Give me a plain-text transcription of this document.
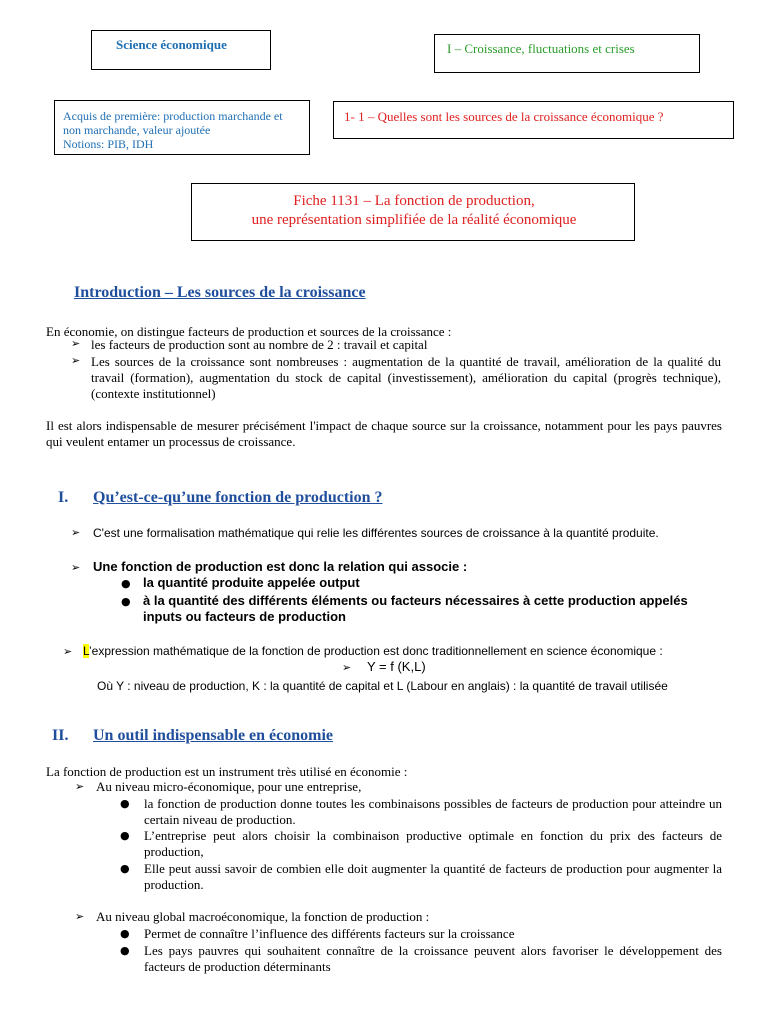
Science économique	I – Croissance, fluctuations et crises
Acquis de première: production marchande et
non marchande, valeur ajoutée
Notions: PIB, IDH
1- 1 – Quelles sont les sources de la croissance économique ?
Fiche 1131 – La fonction de production,
une représentation simplifiée de la réalité économique
Introduction – Les sources de la croissance
En économie, on distingue facteurs de production et sources de la croissance :
➢ les facteurs de production sont au nombre de 2 : travail et capital
➢ Les sources de la croissance sont nombreuses : augmentation de la quantité de travail, amélioration de la qualité du travail (formation), augmentation du stock de capital (investissement), amélioration du capital (progrès technique), (contexte institutionnel)
Il est alors indispensable de mesurer précisément l'impact de chaque source sur la croissance, notamment pour les pays pauvres qui veulent entamer un processus de croissance.
I. Qu’est-ce-qu’une fonction de production ?
➢ C'est une formalisation mathématique qui relie les différentes sources de croissance à la quantité produite.
➢ Une fonction de production est donc la relation qui associe :
● la quantité produite appelée output
● à la quantité des différents éléments ou facteurs nécessaires à cette production appelés inputs ou facteurs de production
➢ L’expression mathématique de la fonction de production est donc traditionnellement en science économique :
➢ Y = f (K,L)
Où Y : niveau de production, K : la quantité de capital et L (Labour en anglais) : la quantité de travail utilisée
II. Un outil indispensable en économie
La fonction de production est un instrument très utilisé en économie :
➢ Au niveau micro-économique, pour une entreprise,
● la fonction de production donne toutes les combinaisons possibles de facteurs de production pour atteindre un certain niveau de production.
● L’entreprise peut alors choisir la combinaison productive optimale en fonction du prix des facteurs de production,
● Elle peut aussi savoir de combien elle doit augmenter la quantité de facteurs de production pour augmenter la production.
➢ Au niveau global macroéconomique, la fonction de production :
● Permet de connaître l’influence des différents facteurs sur la croissance
● Les pays pauvres qui souhaitent connaître de la croissance peuvent alors favoriser le développement des facteurs de production déterminants
